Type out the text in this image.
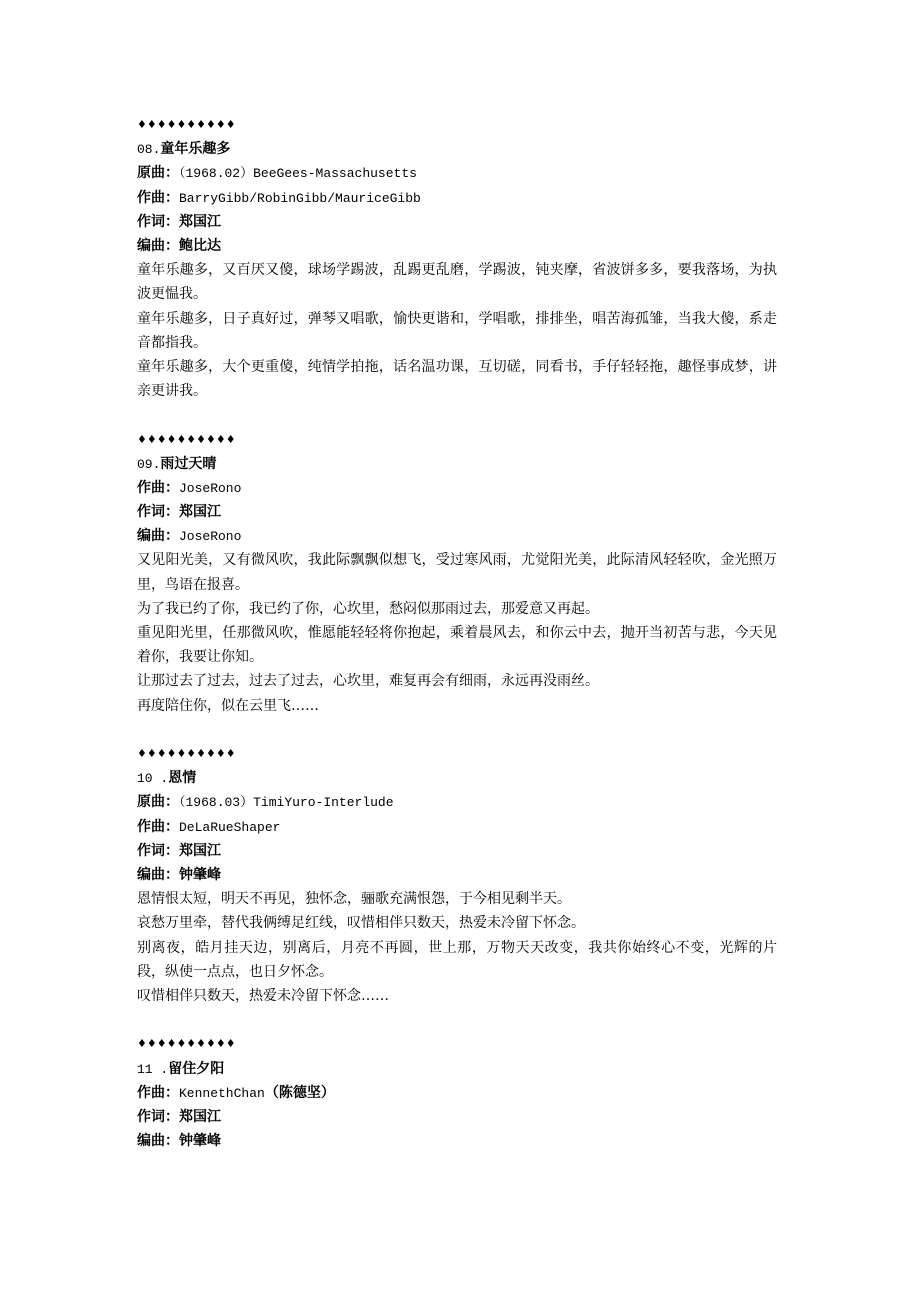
♦♦♦♦♦♦♦♦♦♦
08.童年乐趣多
原曲：（1968.02）BeeGees-Massachusetts
作曲：BarryGibb/RobinGibb/MauriceGibb
作词：郑国江
编曲：鲍比达
童年乐趣多，又百厌又傻，球场学踢波，乱踢更乱磨，学踢波，钝夹摩，省波饼多多，要我落场，为执波更愠我。
童年乐趣多，日子真好过，弹琴又唱歌，愉快更谐和，学唱歌，排排坐，唱苦海孤雏，当我大傻，系走音都指我。
童年乐趣多，大个更重傻，纯情学拍拖，话名温功课，互切磋，同看书，手仔轻轻拖，趣怪事成梦，讲亲更讲我。
♦♦♦♦♦♦♦♦♦♦
09.雨过天晴
作曲：JoseRono
作词：郑国江
编曲：JoseRono
又见阳光美，又有微风吹，我此际飘飘似想飞，受过寒风雨，尤觉阳光美，此际清风轻轻吹，金光照万里，鸟语在报喜。
为了我已约了你，我已约了你，心坎里，愁闷似那雨过去，那爱意又再起。
重见阳光里，任那微风吹，惟愿能轻轻将你抱起，乘着晨风去，和你云中去，抛开当初苦与悲，今天见着你，我要让你知。
让那过去了过去，过去了过去，心坎里，难复再会有细雨，永远再没雨丝。
再度陪住你，似在云里飞……
♦♦♦♦♦♦♦♦♦♦
10 .恩情
原曲：（1968.03）TimiYuro-Interlude
作曲：DeLaRueShaper
作词：郑国江
编曲：钟肇峰
恩情恨太短，明天不再见，独怀念，骊歌充满恨怨，于今相见剩半天。
哀愁万里牵，替代我俩缚足红线，叹惜相伴只数天，热爱未冷留下怀念。
别离夜，皓月挂天边，别离后，月亮不再圆，世上那，万物天天改变，我共你始终心不变，光辉的片段，纵使一点点，也日夕怀念。
叹惜相伴只数天，热爱未冷留下怀念……
♦♦♦♦♦♦♦♦♦♦
11 .留住夕阳
作曲：KennethChan（陈德坚）
作词：郑国江
编曲：钟肇峰
